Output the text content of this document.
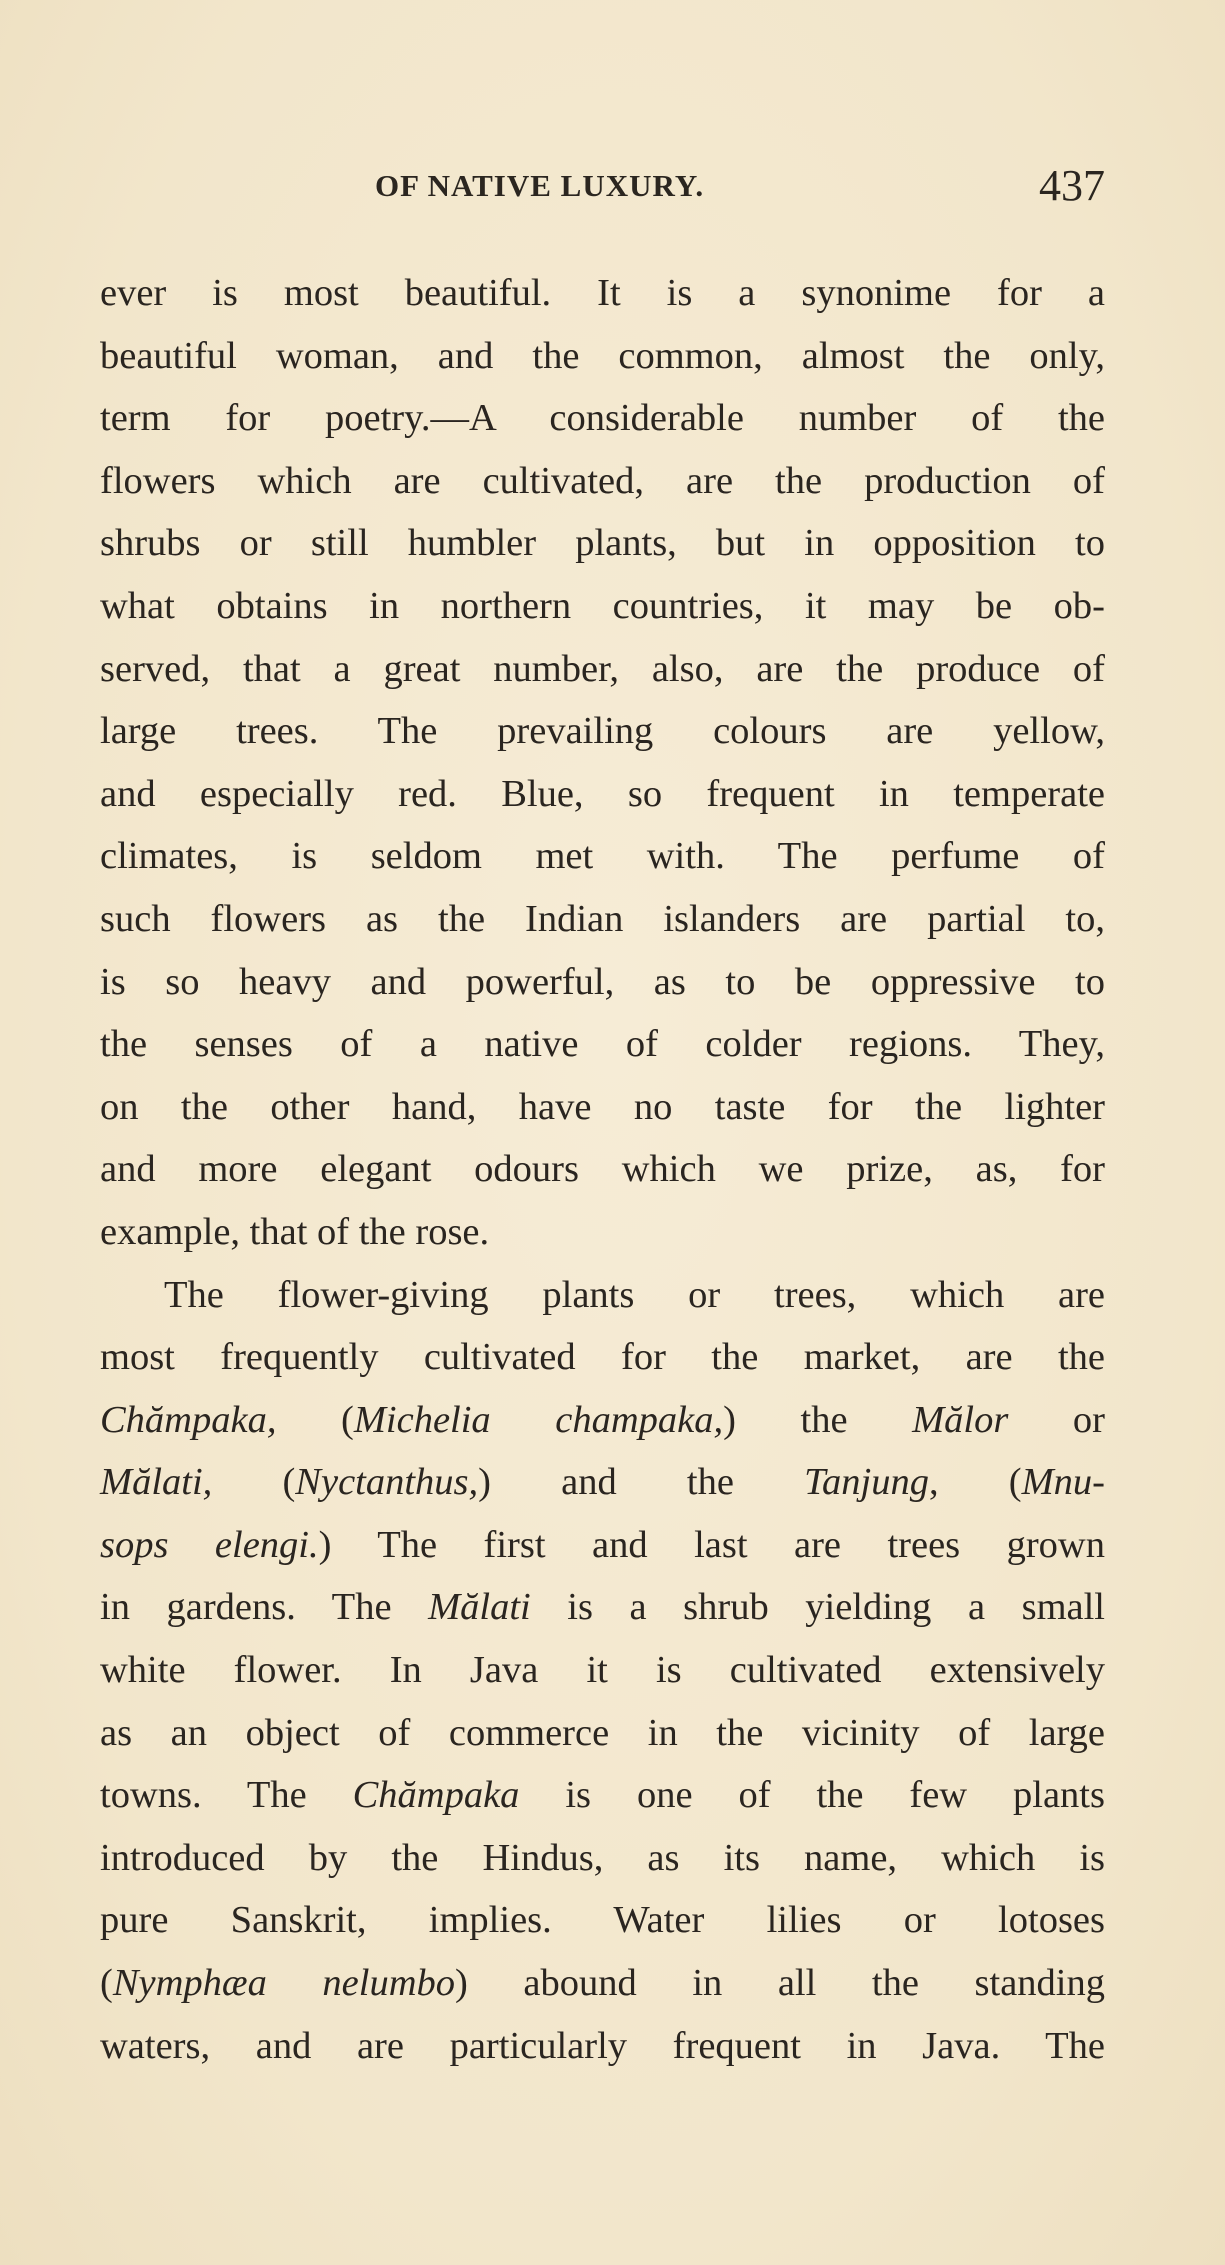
OF NATIVE LUXURY.	437
ever is most beautiful. It is a synonime for a
beautiful woman, and the common, almost the only,
term for poetry.—A considerable number of the
flowers which are cultivated, are the production of
shrubs or still humbler plants, but in opposition to
what obtains in northern countries, it may be ob-
served, that a great number, also, are the produce of
large trees. The prevailing colours are yellow,
and especially red. Blue, so frequent in temperate
climates, is seldom met with. The perfume of
such flowers as the Indian islanders are partial to,
is so heavy and powerful, as to be oppressive to
the senses of a native of colder regions. They,
on the other hand, have no taste for the lighter
and more elegant odours which we prize, as, for
example, that of the rose.
The flower-giving plants or trees, which are
most frequently cultivated for the market, are the
Chămpaka, (Michelia champaka,) the Mălor or
Mălati, (Nyctanthus,) and the Tanjung, (Mnu-
sops elengi.) The first and last are trees grown
in gardens. The Mălati is a shrub yielding a small
white flower. In Java it is cultivated extensively
as an object of commerce in the vicinity of large
towns. The Chămpaka is one of the few plants
introduced by the Hindus, as its name, which is
pure Sanskrit, implies. Water lilies or lotoses
(Nymphæa nelumbo) abound in all the standing
waters, and are particularly frequent in Java. The
